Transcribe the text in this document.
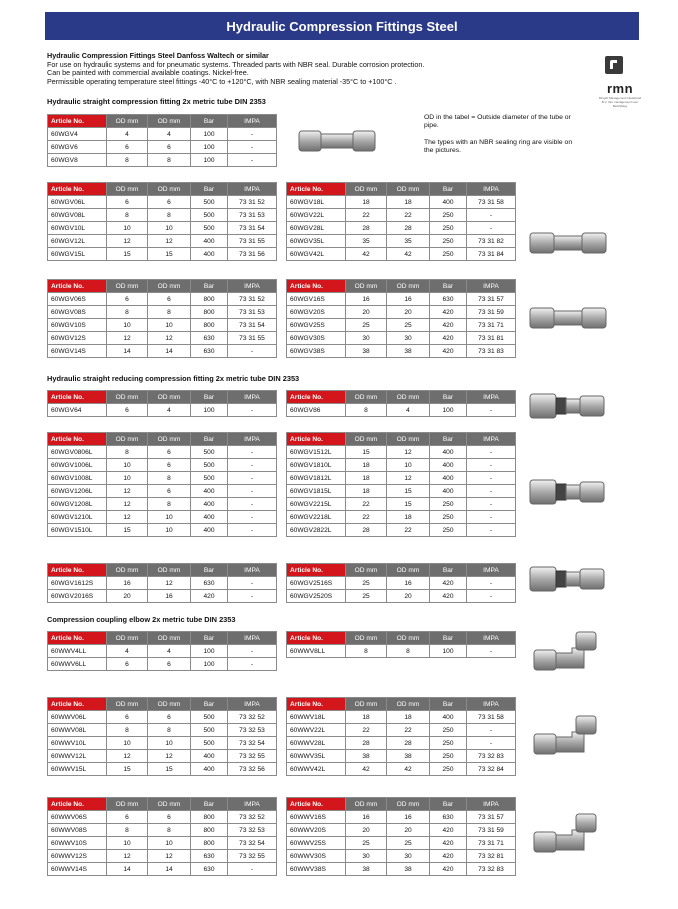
Hydraulic Compression Fittings Steel
Hydraulic Compression Fittings Steel Danfoss Waltech or similar
For use on hydraulic systems and for pneumatic systems. Threaded parts with NBR seal. Durable corrosion protection.
Can be painted with commercial available coatings. Nickel-free.
Permissible operating temperature steel fittings -40°C to +120°C, with NBR sealing material -35°C to +100°C .	rmn
Ringsh Management Nederland B.V. Ihre management voor Bedrijfsleg

OD in the tabel = Outside diameter of the tube or pipe.

The types with an NBR sealing ring are visible on the pictures.

Hydraulic straight compression fitting 2x metric tube DIN 2353
Hydraulic straight reducing compression fitting 2x metric tube DIN 2353
Compression coupling elbow 2x metric tube DIN 2353
Article No.	OD mm	OD mm	Bar	IMPA
60WGV4	4	4	100	-
60WGV6	6	6	100	-
60WGV8	8	8	100	-
Article No.	OD mm	OD mm	Bar	IMPA
60WGV06L	6	6	500	73 31 52
60WGV08L	8	8	500	73 31 53
60WGV10L	10	10	500	73 31 54
60WGV12L	12	12	400	73 31 55
60WGV15L	15	15	400	73 31 56
Article No.	OD mm	OD mm	Bar	IMPA
60WGV18L	18	18	400	73 31 58
60WGV22L	22	22	250	-
60WGV28L	28	28	250	-
60WGV35L	35	35	250	73 31 82
60WGV42L	42	42	250	73 31 84
Article No.	OD mm	OD mm	Bar	IMPA
60WGV06S	6	6	800	73 31 52
60WGV08S	8	8	800	73 31 53
60WGV10S	10	10	800	73 31 54
60WGV12S	12	12	630	73 31 55
60WGV14S	14	14	630	-
Article No.	OD mm	OD mm	Bar	IMPA
60WGV16S	16	16	630	73 31 57
60WGV20S	20	20	420	73 31 59
60WGV25S	25	25	420	73 31 71
60WGV30S	30	30	420	73 31 81
60WGV38S	38	38	420	73 31 83
Article No.	OD mm	OD mm	Bar	IMPA
60WGV64	6	4	100	-
Article No.	OD mm	OD mm	Bar	IMPA
60WGV86	8	4	100	-
Article No.	OD mm	OD mm	Bar	IMPA
60WGV0806L	8	6	500	-
60WGV1006L	10	6	500	-
60WGV1008L	10	8	500	-
60WGV1206L	12	6	400	-
60WGV1208L	12	8	400	-
60WGV1210L	12	10	400	-
60WGV1510L	15	10	400	-
Article No.	OD mm	OD mm	Bar	IMPA
60WGV1512L	15	12	400	-
60WGV1810L	18	10	400	-
60WGV1812L	18	12	400	-
60WGV1815L	18	15	400	-
60WGV2215L	22	15	250	-
60WGV2218L	22	18	250	-
60WGV2822L	28	22	250	-
Article No.	OD mm	OD mm	Bar	IMPA
60WGV1612S	16	12	630	-
60WGV2016S	20	16	420	-
Article No.	OD mm	OD mm	Bar	IMPA
60WGV2516S	25	16	420	-
60WGV2520S	25	20	420	-
Article No.	OD mm	OD mm	Bar	IMPA
60WWV4LL	4	4	100	-
60WWV6LL	6	6	100	-
Article No.	OD mm	OD mm	Bar	IMPA
60WWV8LL	8	8	100	-
Article No.	OD mm	OD mm	Bar	IMPA
60WWV06L	6	6	500	73 32 52
60WWV08L	8	8	500	73 32 53
60WWV10L	10	10	500	73 32 54
60WWV12L	12	12	400	73 32 55
60WWV15L	15	15	400	73 32 56
Article No.	OD mm	OD mm	Bar	IMPA
60WWV18L	18	18	400	73 31 58
60WWV22L	22	22	250	-
60WWV28L	28	28	250	-
60WWV35L	38	38	250	73 32 83
60WWV42L	42	42	250	73 32 84
Article No.	OD mm	OD mm	Bar	IMPA
60WWV06S	6	6	800	73 32 52
60WWV08S	8	8	800	73 32 53
60WWV10S	10	10	800	73 32 54
60WWV12S	12	12	630	73 32 55
60WWV14S	14	14	630	-
Article No.	OD mm	OD mm	Bar	IMPA
60WWV16S	16	16	630	73 31 57
60WWV20S	20	20	420	73 31 59
60WWV25S	25	25	420	73 31 71
60WWV30S	30	30	420	73 32 81
60WWV38S	38	38	420	73 32 83
